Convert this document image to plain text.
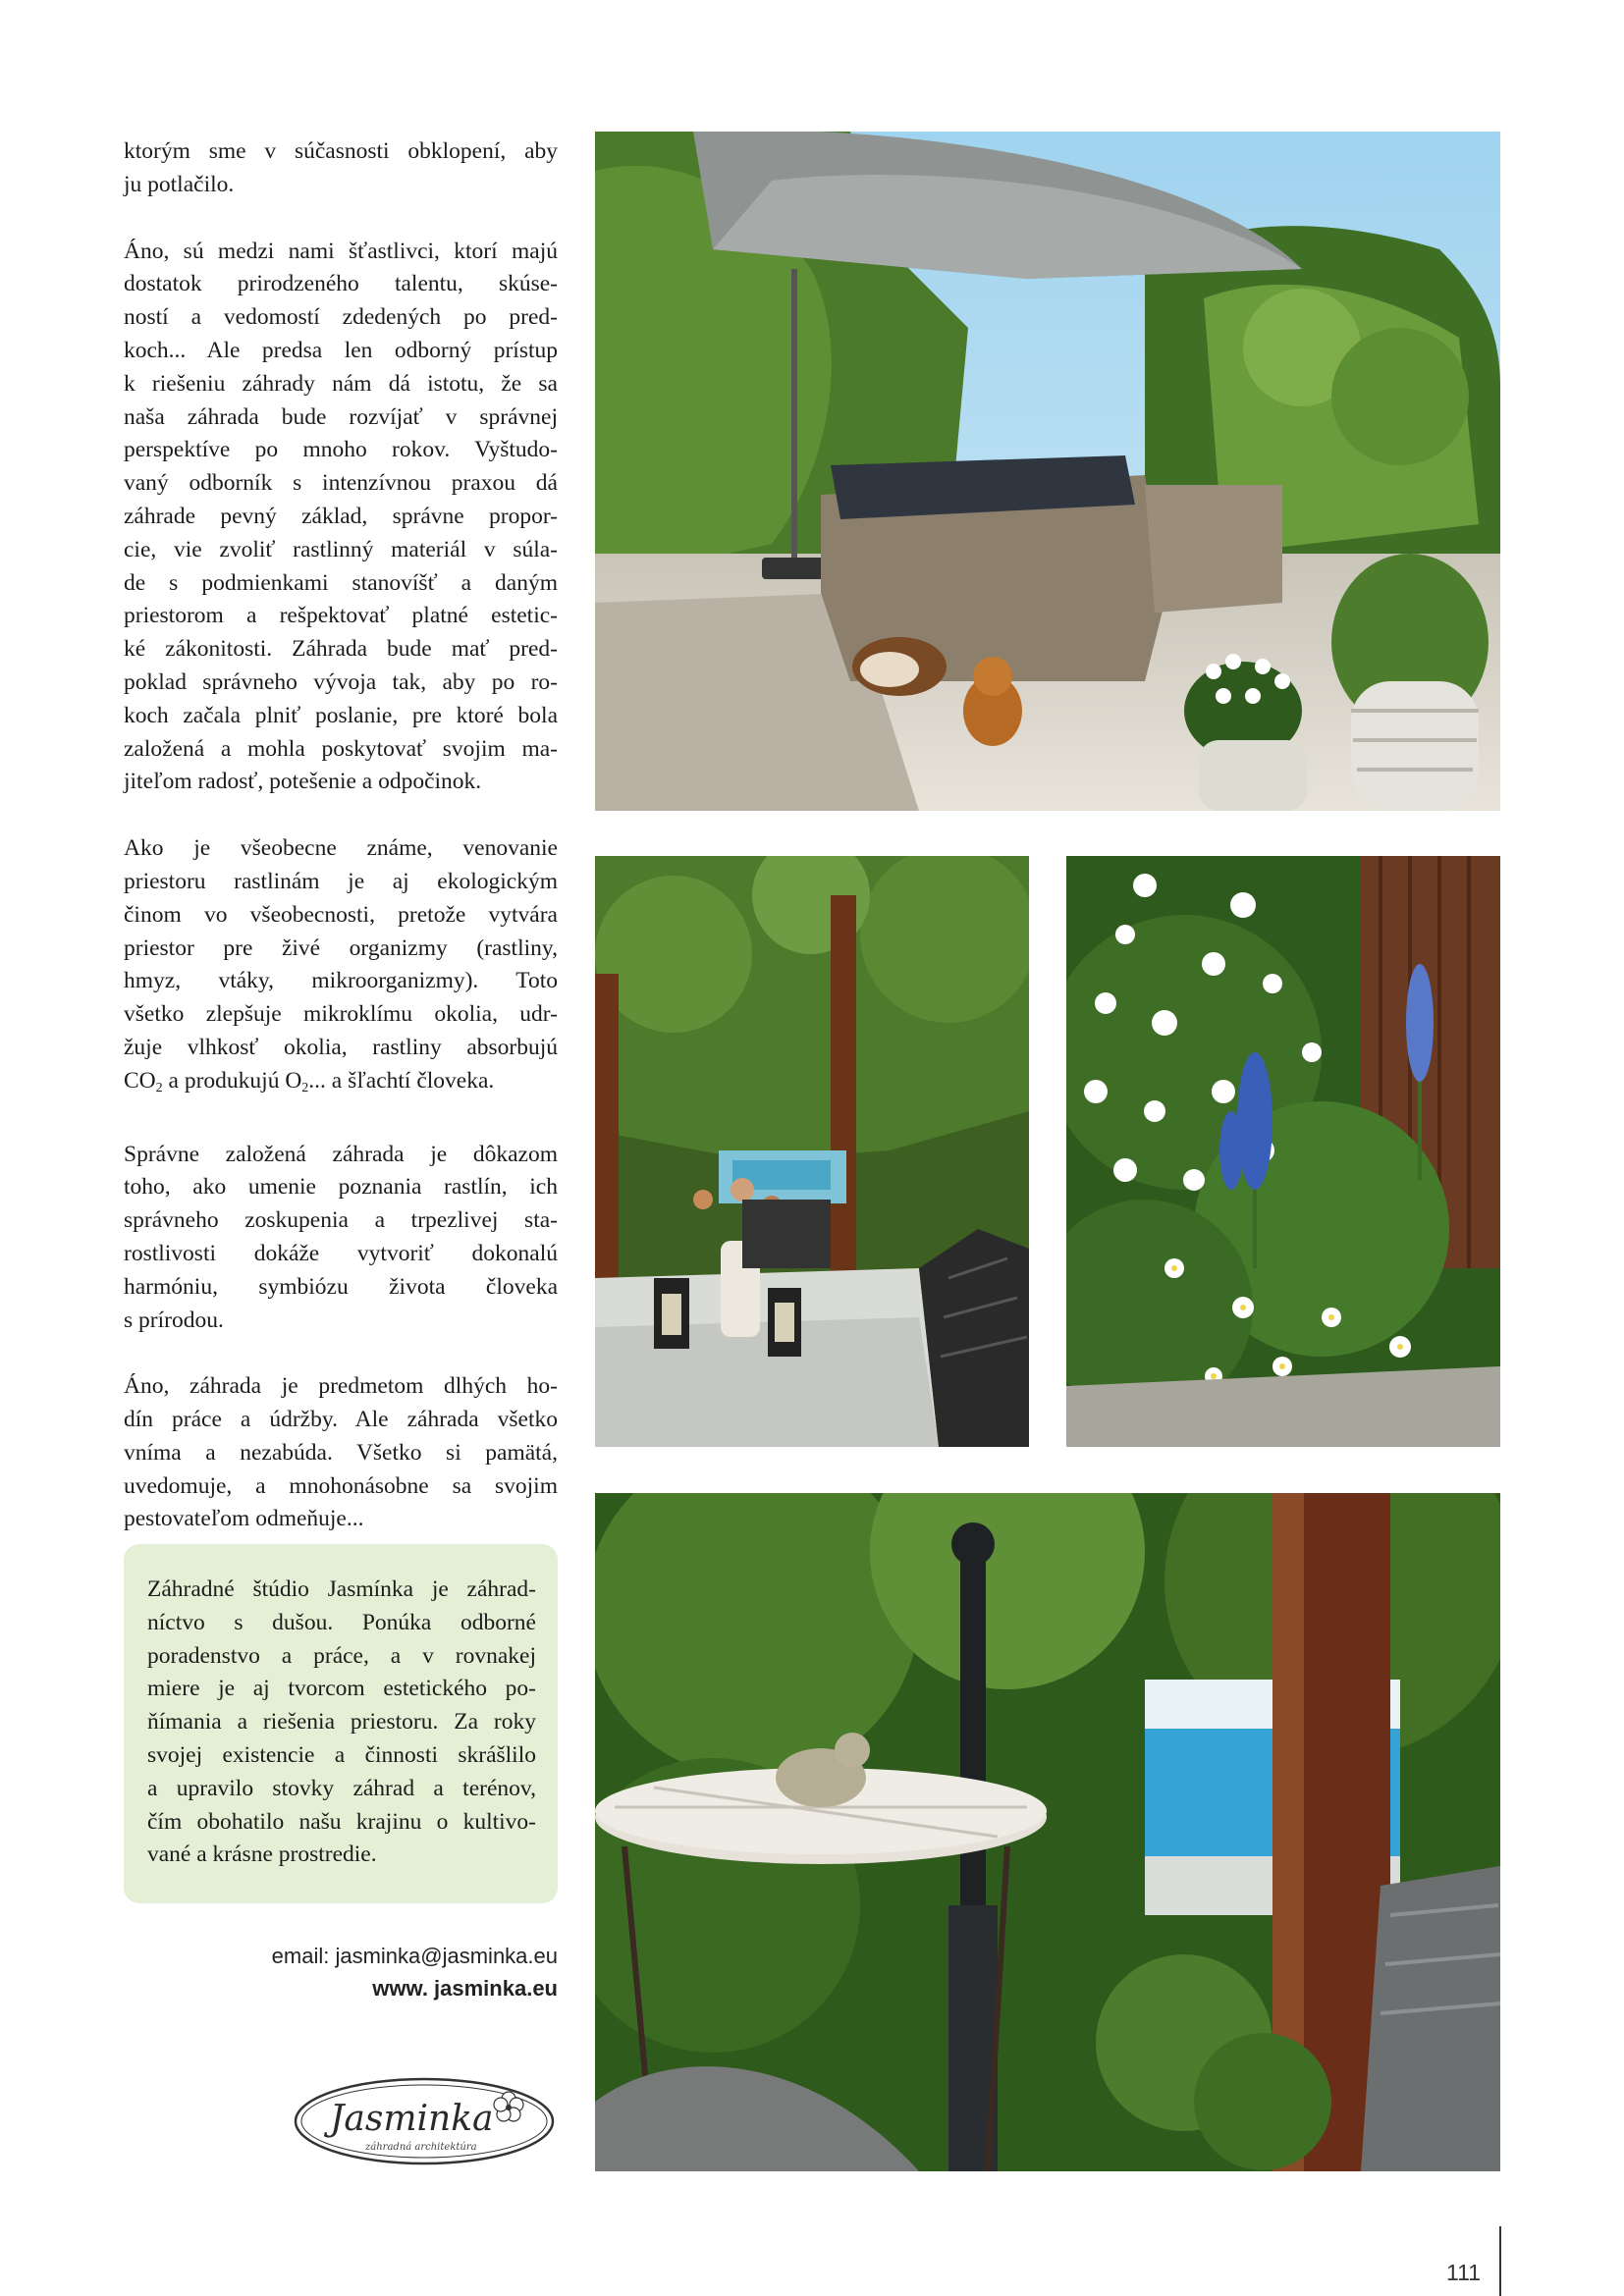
ktorým sme v súčasnosti obklopení, aby
ju potlačilo.

Áno, sú medzi nami šťastlivci, ktorí majú
dostatok prirodzeného talentu, skúse-
ností a vedomostí zdedených po pred-
koch... Ale predsa len odborný prístup
k riešeniu záhrady nám dá istotu, že sa
naša záhrada bude rozvíjať v správnej
perspektíve po mnoho rokov. Vyštudo-
vaný odborník s intenzívnou praxou dá
záhrade pevný základ, správne propor-
cie, vie zvoliť rastlinný materiál v súla-
de s podmienkami stanovíšť a daným
priestorom a rešpektovať platné estetic-
ké zákonitosti. Záhrada bude mať pred-
poklad správneho vývoja tak, aby po ro-
koch začala plniť poslanie, pre ktoré bola
založená a mohla poskytovať svojim ma-
jiteľom radosť, potešenie a odpočinok.

Ako je všeobecne známe, venovanie
priestoru rastlinám je aj ekologickým
činom vo všeobecnosti, pretože vytvára
priestor pre živé organizmy (rastliny,
hmyz, vtáky, mikroorganizmy). Toto
všetko zlepšuje mikroklímu okolia, udr-
žuje vlhkosť okolia, rastliny absorbujú
$CO_2$ a produkujú $O_2$... a šľachtí človeka.

Správne založená záhrada je dôkazom
toho, ako umenie poznania rastlín, ich
správneho zoskupenia a trpezlivej sta-
rostlivosti dokáže vytvoriť dokonalú
harmóniu, symbiózu života človeka
s prírodou.

Áno, záhrada je predmetom dlhých ho-
dín práce a údržby. Ale záhrada všetko
vníma a nezabúda. Všetko si pamätá,
uvedomuje, a mnohonásobne sa svojim
pestovateľom odmeňuje...

Záhradné štúdio Jasmínka je záhrad-
níctvo s dušou. Ponúka odborné
poradenstvo a práce, a v rovnakej
miere je aj tvorcom estetického po-
ňímania a riešenia priestoru. Za roky
svojej existencie a činnosti skrášlilo
a upravilo stovky záhrad a terénov,
čím obohatilo našu krajinu o kultivo-
vané a krásne prostredie.

email: jasminka@jasminka.eu
www. jasminka.eu
Jasminka
záhradná architektúra
111
